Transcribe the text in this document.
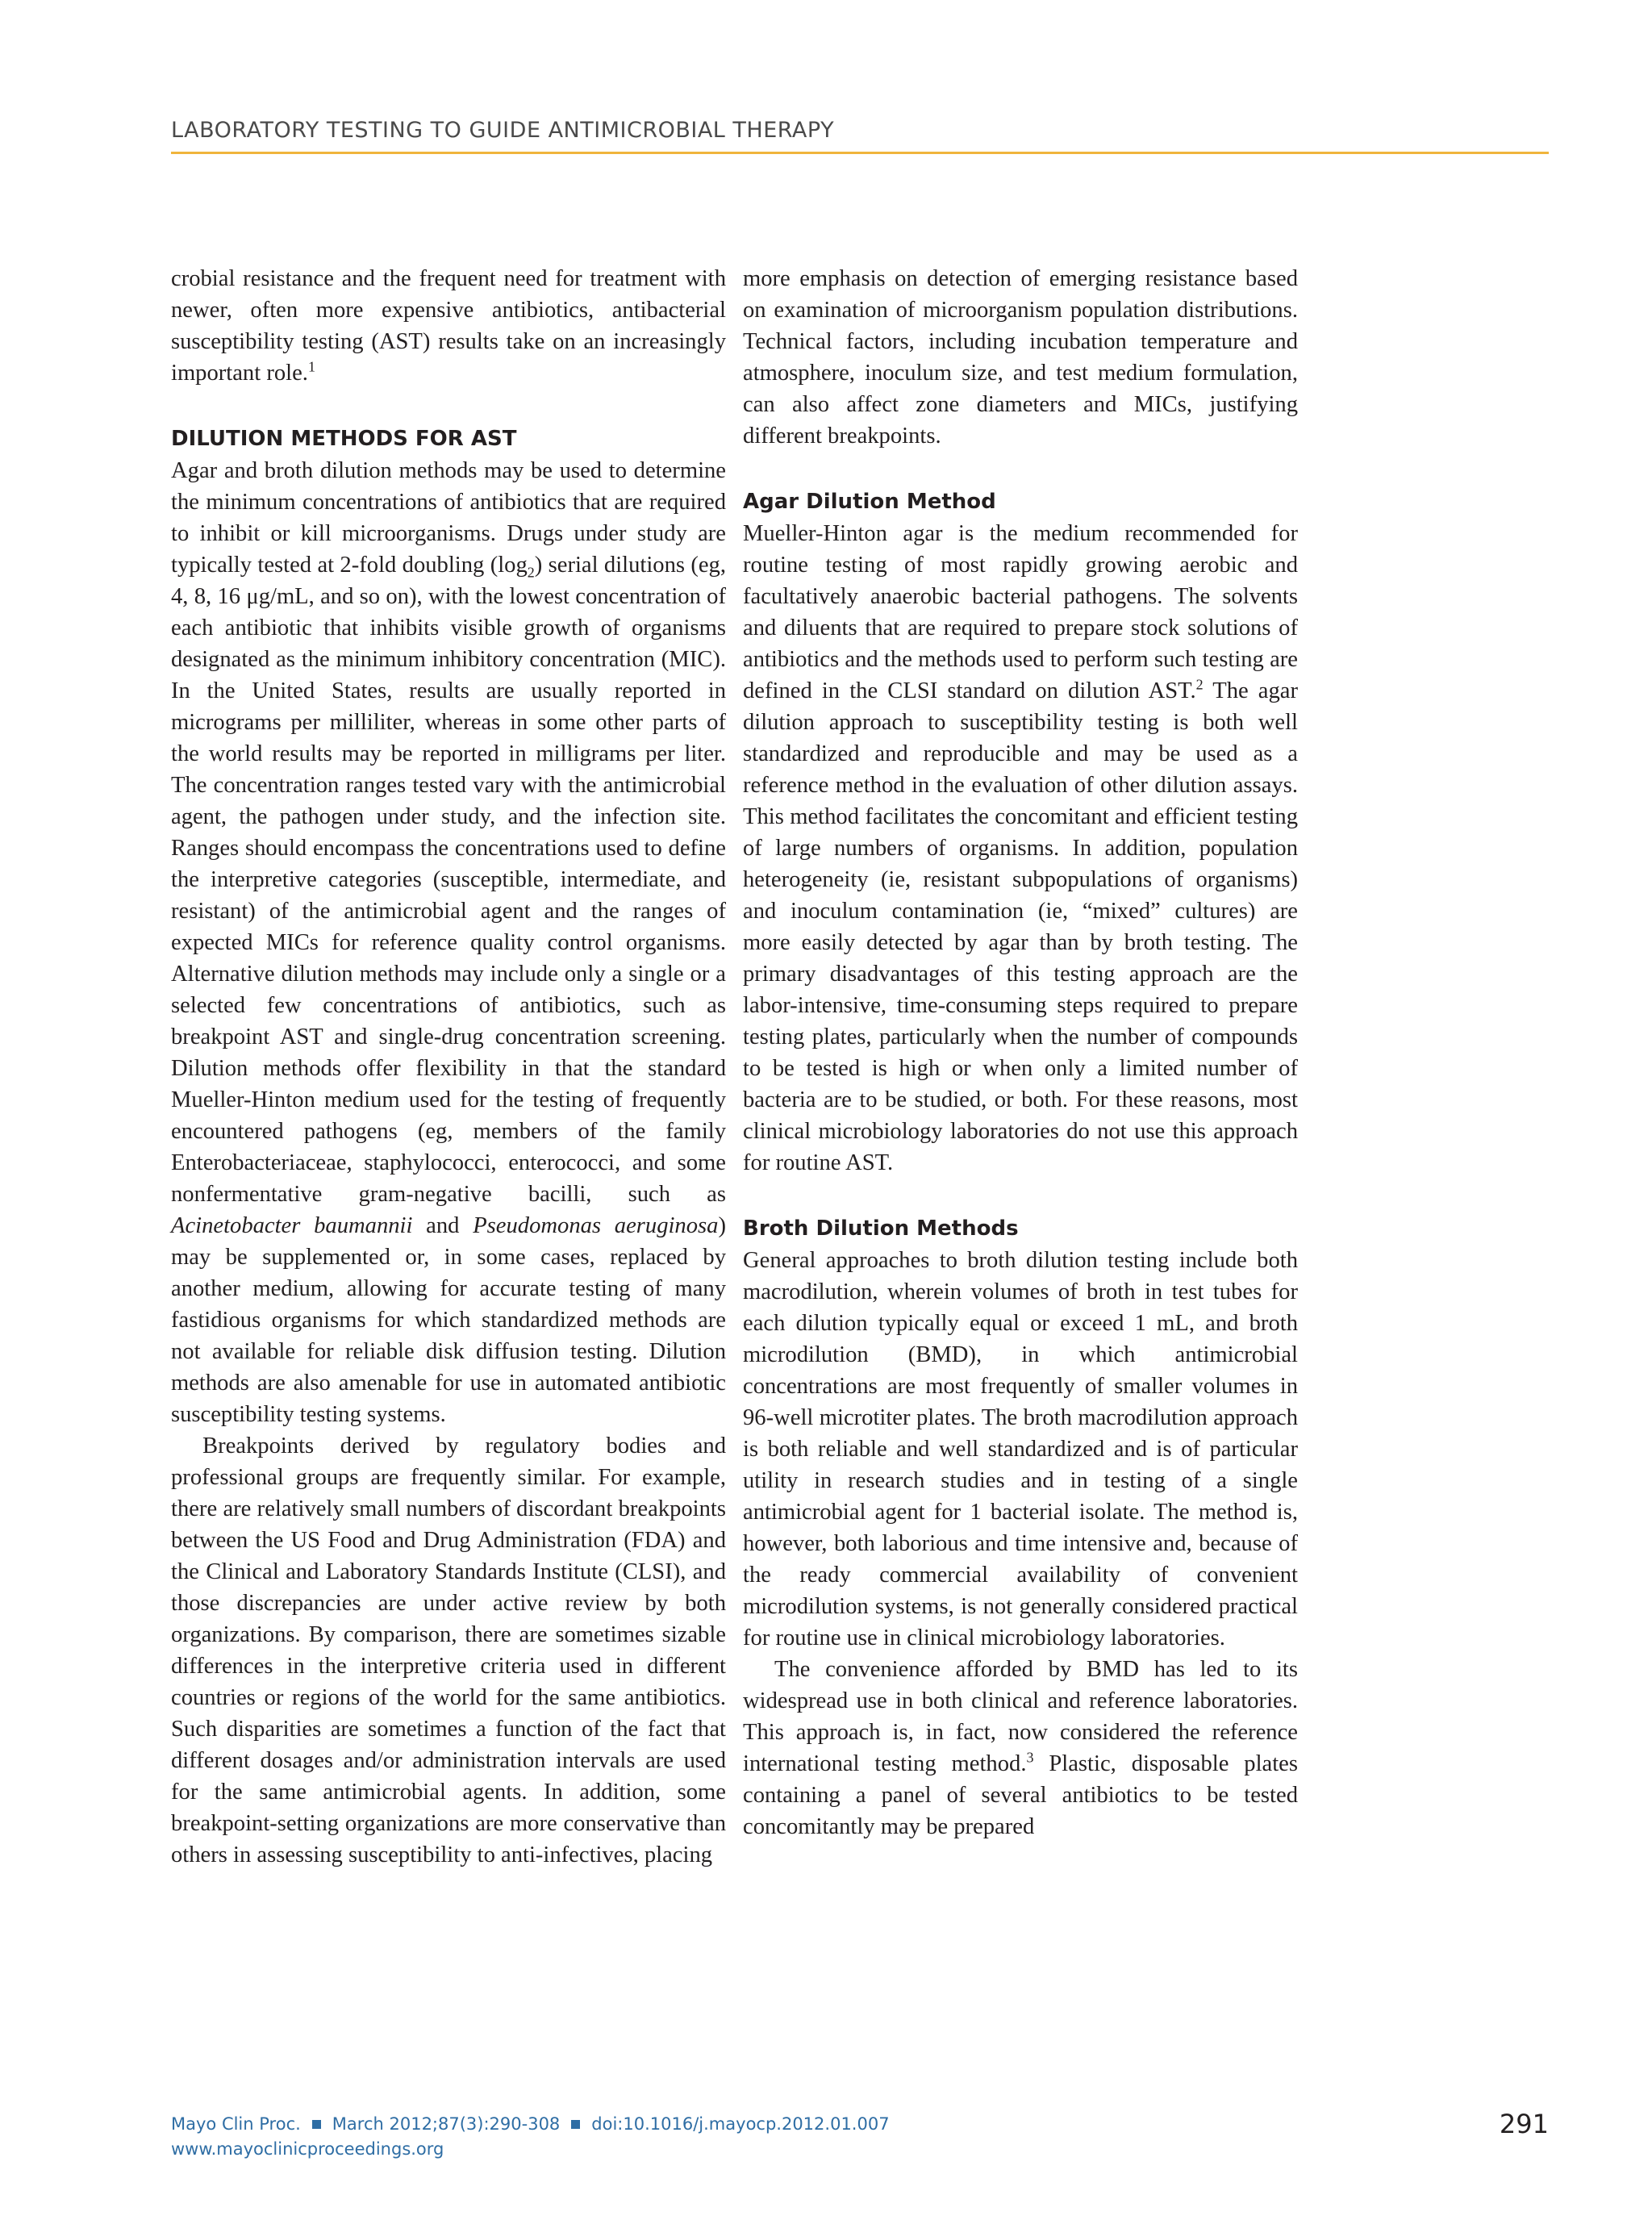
LABORATORY TESTING TO GUIDE ANTIMICROBIAL THERAPY

crobial resistance and the frequent need for treatment with newer, often more expensive antibiotics, antibacterial susceptibility testing (AST) results take on an increasingly important role.$^1$

DILUTION METHODS FOR AST

Agar and broth dilution methods may be used to determine the minimum concentrations of antibiotics that are required to inhibit or kill microorganisms. Drugs under study are typically tested at 2-fold doubling $(\log_2)$ serial dilutions (eg, 4, 8, 16 μg/mL, and so on), with the lowest concentration of each antibiotic that inhibits visible growth of organisms designated as the minimum inhibitory concentration (MIC). In the United States, results are usually reported in micrograms per milliliter, whereas in some other parts of the world results may be reported in milligrams per liter. The concentration ranges tested vary with the antimicrobial agent, the pathogen under study, and the infection site. Ranges should encompass the concentrations used to define the interpretive categories (susceptible, intermediate, and resistant) of the antimicrobial agent and the ranges of expected MICs for reference quality control organisms. Alternative dilution methods may include only a single or a selected few concentrations of antibiotics, such as breakpoint AST and single-drug concentration screening. Dilution methods offer flexibility in that the standard Mueller-Hinton medium used for the testing of frequently encountered pathogens (eg, members of the family Enterobacteriaceae, staphylococci, enterococci, and some nonfermentative gram-negative bacilli, such as Acinetobacter baumannii and Pseudomonas aeruginosa) may be supplemented or, in some cases, replaced by another medium, allowing for accurate testing of many fastidious organisms for which standardized methods are not available for reliable disk diffusion testing. Dilution methods are also amenable for use in automated antibiotic susceptibility testing systems.

Breakpoints derived by regulatory bodies and professional groups are frequently similar. For example, there are relatively small numbers of discordant breakpoints between the US Food and Drug Administration (FDA) and the Clinical and Laboratory Standards Institute (CLSI), and those discrepancies are under active review by both organizations. By comparison, there are sometimes sizable differences in the interpretive criteria used in different countries or regions of the world for the same antibiotics. Such disparities are sometimes a function of the fact that different dosages and/or administration intervals are used for the same antimicrobial agents. In addition, some breakpoint-setting organizations are more conservative than others in assessing susceptibility to anti-infectives, placing

more emphasis on detection of emerging resistance based on examination of microorganism population distributions. Technical factors, including incubation temperature and atmosphere, inoculum size, and test medium formulation, can also affect zone diameters and MICs, justifying different breakpoints.

Agar Dilution Method

Mueller-Hinton agar is the medium recommended for routine testing of most rapidly growing aerobic and facultatively anaerobic bacterial pathogens. The solvents and diluents that are required to prepare stock solutions of antibiotics and the methods used to perform such testing are defined in the CLSI standard on dilution AST.$^2$ The agar dilution approach to susceptibility testing is both well standardized and reproducible and may be used as a reference method in the evaluation of other dilution assays. This method facilitates the concomitant and efficient testing of large numbers of organisms. In addition, population heterogeneity (ie, resistant subpopulations of organisms) and inoculum contamination (ie, “mixed” cultures) are more easily detected by agar than by broth testing. The primary disadvantages of this testing approach are the labor-intensive, time-consuming steps required to prepare testing plates, particularly when the number of compounds to be tested is high or when only a limited number of bacteria are to be studied, or both. For these reasons, most clinical microbiology laboratories do not use this approach for routine AST.

Broth Dilution Methods

General approaches to broth dilution testing include both macrodilution, wherein volumes of broth in test tubes for each dilution typically equal or exceed 1 mL, and broth microdilution (BMD), in which antimicrobial concentrations are most frequently of smaller volumes in 96-well microtiter plates. The broth macrodilution approach is both reliable and well standardized and is of particular utility in research studies and in testing of a single antimicrobial agent for 1 bacterial isolate. The method is, however, both laborious and time intensive and, because of the ready commercial availability of convenient microdilution systems, is not generally considered practical for routine use in clinical microbiology laboratories.

The convenience afforded by BMD has led to its widespread use in both clinical and reference laboratories. This approach is, in fact, now considered the reference international testing method.$^3$ Plastic, disposable plates containing a panel of several antibiotics to be tested concomitantly may be prepared

Mayo Clin Proc. March 2012;87(3):290-308 doi:10.1016/j.mayocp.2012.01.007
www.mayoclinicproceedings.org
291
